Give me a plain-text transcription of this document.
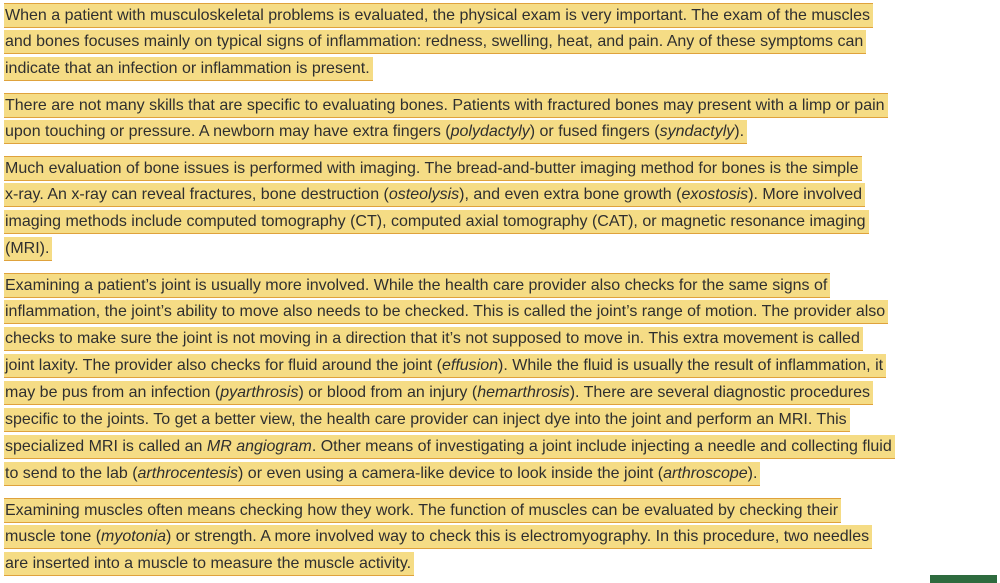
When a patient with musculoskeletal problems is evaluated, the physical exam is very important. The exam of the muscles
and bones focuses mainly on typical signs of inflammation: redness, swelling, heat, and pain. Any of these symptoms can
indicate that an infection or inflammation is present.
There are not many skills that are specific to evaluating bones. Patients with fractured bones may present with a limp or pain
upon touching or pressure. A newborn may have extra fingers (polydactyly) or fused fingers (syndactyly).
Much evaluation of bone issues is performed with imaging. The bread-and-butter imaging method for bones is the simple
x-ray. An x-ray can reveal fractures, bone destruction (osteolysis), and even extra bone growth (exostosis). More involved
imaging methods include computed tomography (CT), computed axial tomography (CAT), or magnetic resonance imaging
(MRI).
Examining a patient’s joint is usually more involved. While the health care provider also checks for the same signs of
inflammation, the joint’s ability to move also needs to be checked. This is called the joint’s range of motion. The provider also
checks to make sure the joint is not moving in a direction that it’s not supposed to move in. This extra movement is called
joint laxity. The provider also checks for fluid around the joint (effusion). While the fluid is usually the result of inflammation, it
may be pus from an infection (pyarthrosis) or blood from an injury (hemarthrosis). There are several diagnostic procedures
specific to the joints. To get a better view, the health care provider can inject dye into the joint and perform an MRI. This
specialized MRI is called an MR angiogram. Other means of investigating a joint include injecting a needle and collecting fluid
to send to the lab (arthrocentesis) or even using a camera-like device to look inside the joint (arthroscope).
Examining muscles often means checking how they work. The function of muscles can be evaluated by checking their
muscle tone (myotonia) or strength. A more involved way to check this is electromyography. In this procedure, two needles
are inserted into a muscle to measure the muscle activity.
